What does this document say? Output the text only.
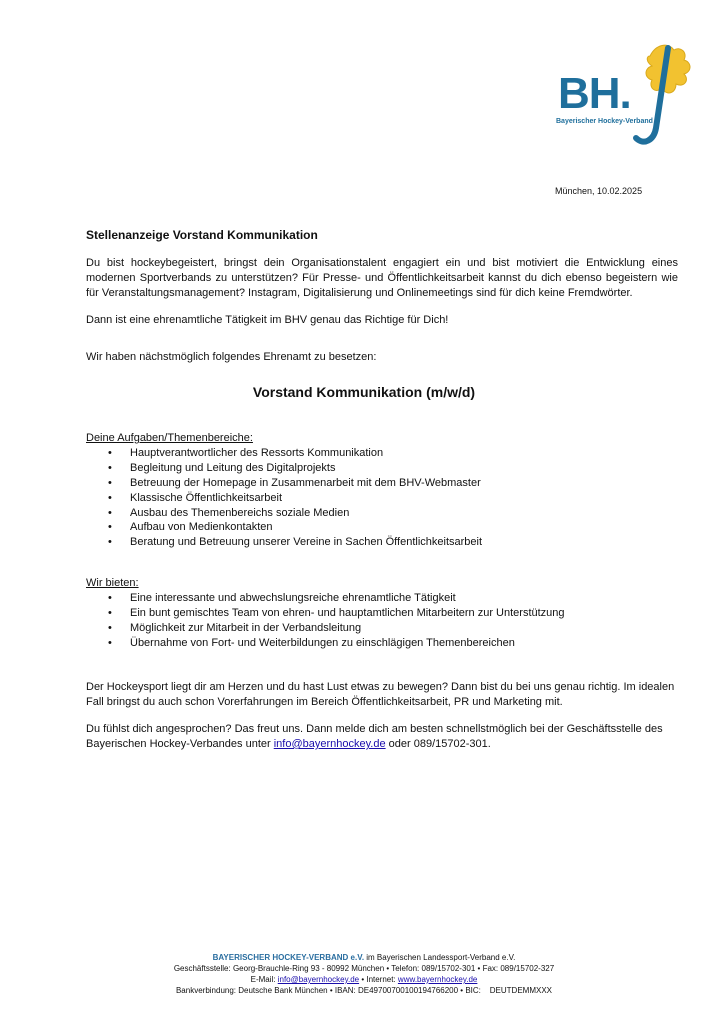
BH.
Bayerischer Hockey-Verband
München, 10.02.2025
Stellenanzeige Vorstand Kommunikation

Du bist hockeybegeistert, bringst dein Organisationstalent engagiert ein und bist motiviert die Entwicklung eines modernen Sportverbands zu unterstützen? Für Presse- und Öffentlichkeitsarbeit kannst du dich ebenso begeistern wie für Veranstaltungsmanagement? Instagram, Digitalisierung und Onlinemeetings sind für dich keine Fremdwörter.

Dann ist eine ehrenamtliche Tätigkeit im BHV genau das Richtige für Dich!

Wir haben nächstmöglich folgendes Ehrenamt zu besetzen:

Vorstand Kommunikation (m/w/d)
Deine Aufgaben/Themenbereiche:
• Hauptverantwortlicher des Ressorts Kommunikation
• Begleitung und Leitung des Digitalprojekts
• Betreuung der Homepage in Zusammenarbeit mit dem BHV-Webmaster
• Klassische Öffentlichkeitsarbeit
• Ausbau des Themenbereichs soziale Medien
• Aufbau von Medienkontakten
• Beratung und Betreuung unserer Vereine in Sachen Öffentlichkeitsarbeit
Wir bieten:
• Eine interessante und abwechslungsreiche ehrenamtliche Tätigkeit
• Ein bunt gemischtes Team von ehren- und hauptamtlichen Mitarbeitern zur Unterstützung
• Möglichkeit zur Mitarbeit in der Verbandsleitung
• Übernahme von Fort- und Weiterbildungen zu einschlägigen Themenbereichen

Der Hockeysport liegt dir am Herzen und du hast Lust etwas zu bewegen? Dann bist du bei uns genau richtig. Im idealen Fall bringst du auch schon Vorerfahrungen im Bereich Öffentlichkeitsarbeit, PR und Marketing mit.

Du fühlst dich angesprochen? Das freut uns. Dann melde dich am besten schnellstmöglich bei der Geschäftsstelle des Bayerischen Hockey-Verbandes unter info@bayernhockey.de oder 089/15702-301.

BAYERISCHER HOCKEY-VERBAND e.V. im Bayerischen Landessport-Verband e.V.
Geschäftsstelle: Georg-Brauchle-Ring 93 - 80992 München • Telefon: 089/15702-301 • Fax: 089/15702-327
E-Mail: info@bayernhockey.de • Internet: www.bayernhockey.de
Bankverbindung: Deutsche Bank München • IBAN: DE49700700100194766200 • BIC:    DEUTDEMMXXX
